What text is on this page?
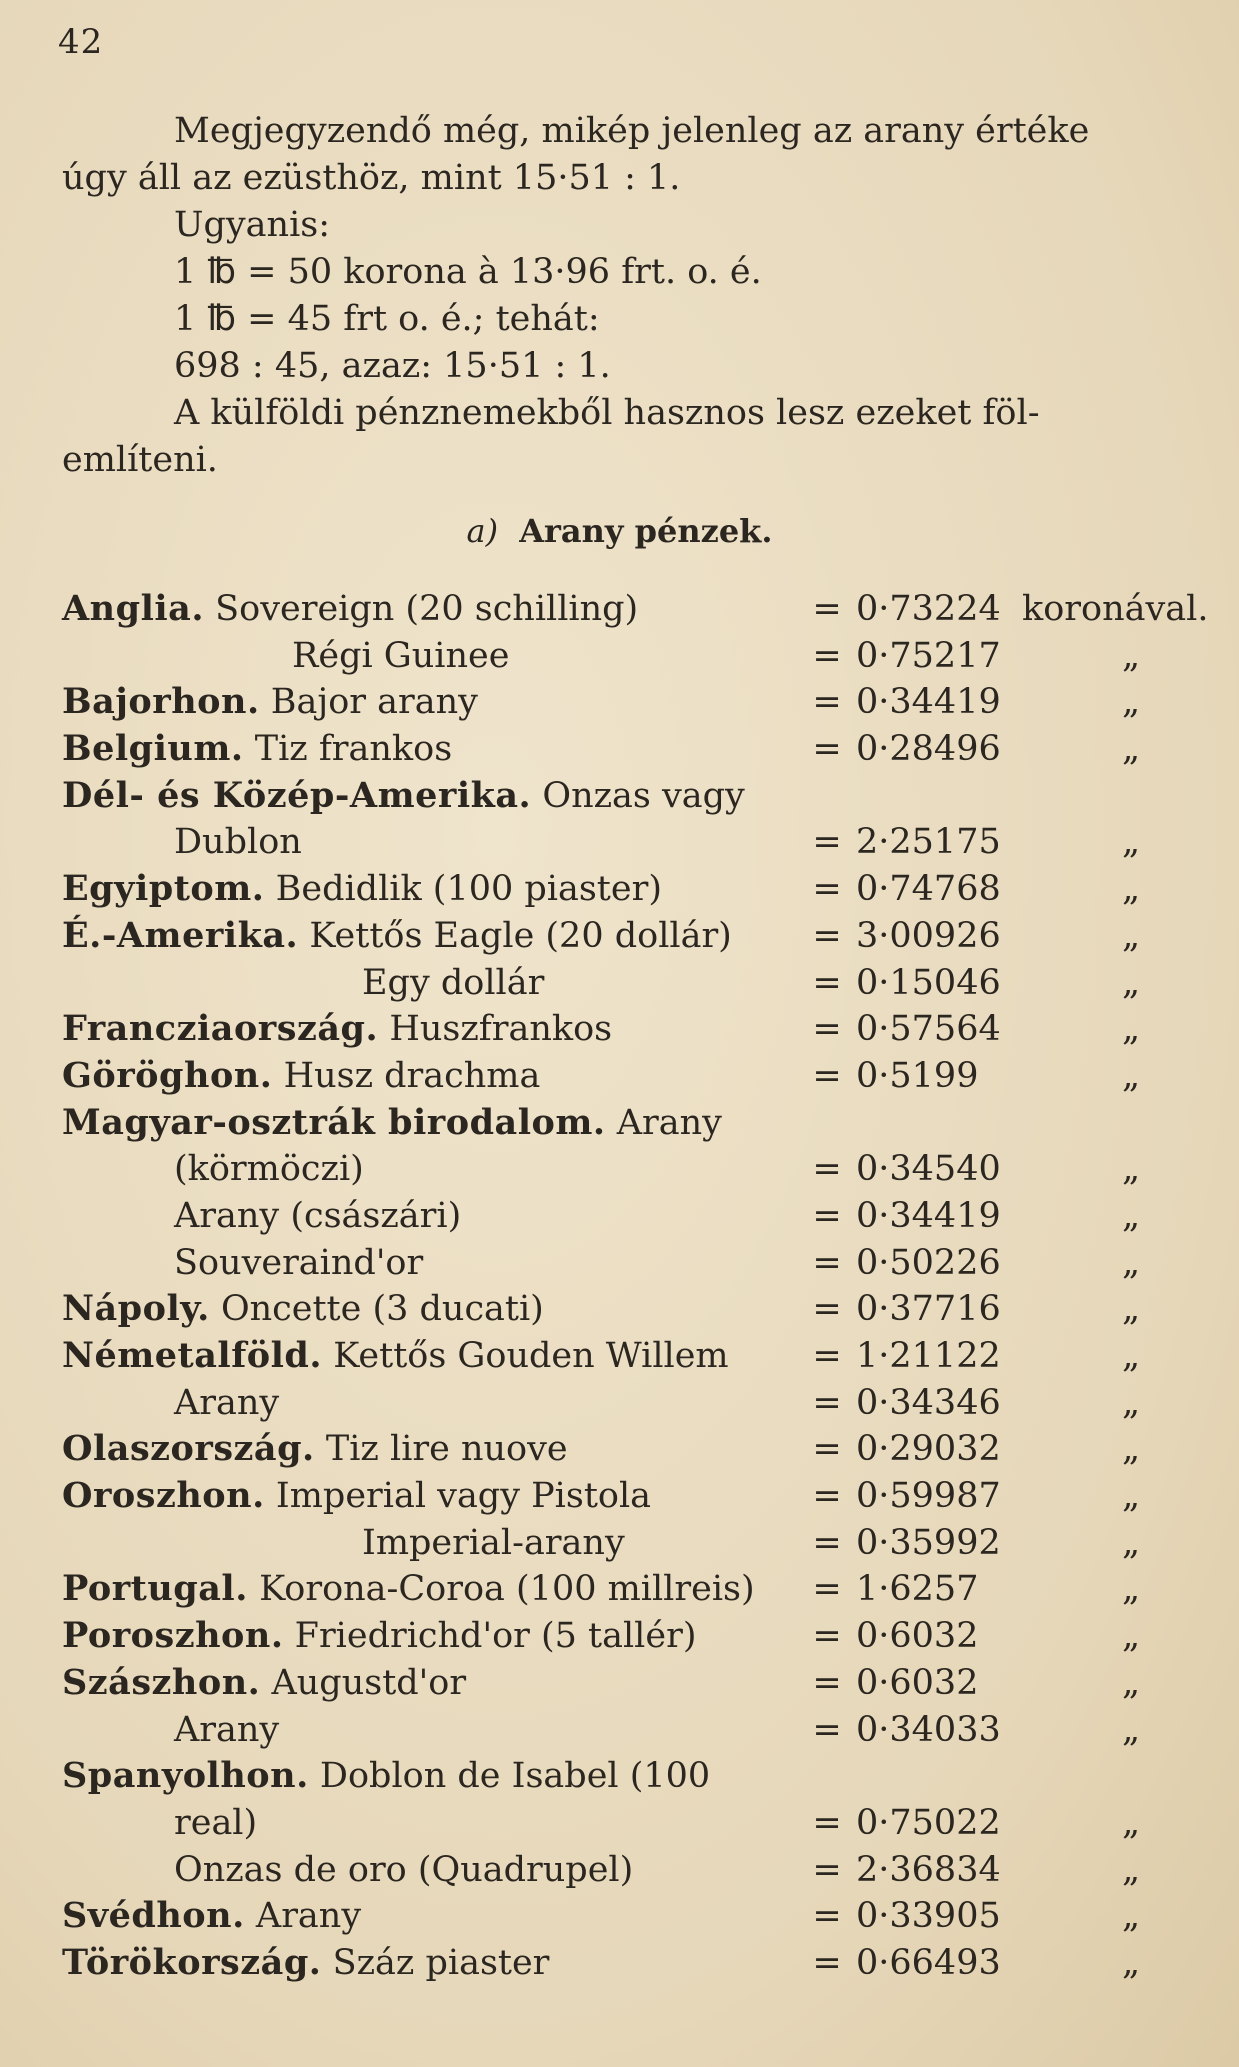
42

Megjegyzendő még, mikép jelenleg az arany értéke

úgy áll az ezüsthöz, mint 15·51 : 1.

Ugyanis:

1 ℔ = 50 korona à 13·96 frt. o. é.

1 ℔ = 45 frt o. é.; tehát:

698 : 45, azaz: 15·51 : 1.

A külföldi pénznemekből hasznos lesz ezeket föl-

említeni.

a) Arany pénzek.
Anglia. Sovereign (20 schilling)	= 0·73224 koronával.
Régi Guinee	= 0·75217	„
Bajorhon. Bajor arany	= 0·34419	„
Belgium. Tiz frankos	= 0·28496	„
Dél- és Közép-Amerika. Onzas vagy
Dublon	= 2·25175	„
Egyiptom. Bedidlik (100 piaster)	= 0·74768	„
É.-Amerika. Kettős Eagle (20 dollár) = 3·00926	„
Egy dollár	= 0·15046	„
Francziaország. Huszfrankos	= 0·57564	„
Göröghon. Husz drachma	= 0·5199	„
Magyar-osztrák birodalom. Arany
(körmöczi)	= 0·34540	„
Arany (császári)	= 0·34419	„
Souveraind'or	= 0·50226	„
Nápoly. Oncette (3 ducati)	= 0·37716	„
Németalföld. Kettős Gouden Willem = 1·21122	„
Arany	= 0·34346	„
Olaszország. Tiz lire nuove	= 0·29032	„
Oroszhon. Imperial vagy Pistola	= 0·59987	„
Imperial-arany	= 0·35992	„
Portugal. Korona-Coroa (100 millreis) = 1·6257	„
Poroszhon. Friedrichd'or (5 tallér)	= 0·6032	„
Szászhon. Augustd'or	= 0·6032	„
Arany	= 0·34033	„
Spanyolhon. Doblon de Isabel (100
real)	= 0·75022	„
Onzas de oro (Quadrupel)	= 2·36834	„
Svédhon. Arany	= 0·33905	„
Törökország. Száz piaster	= 0·66493	„
